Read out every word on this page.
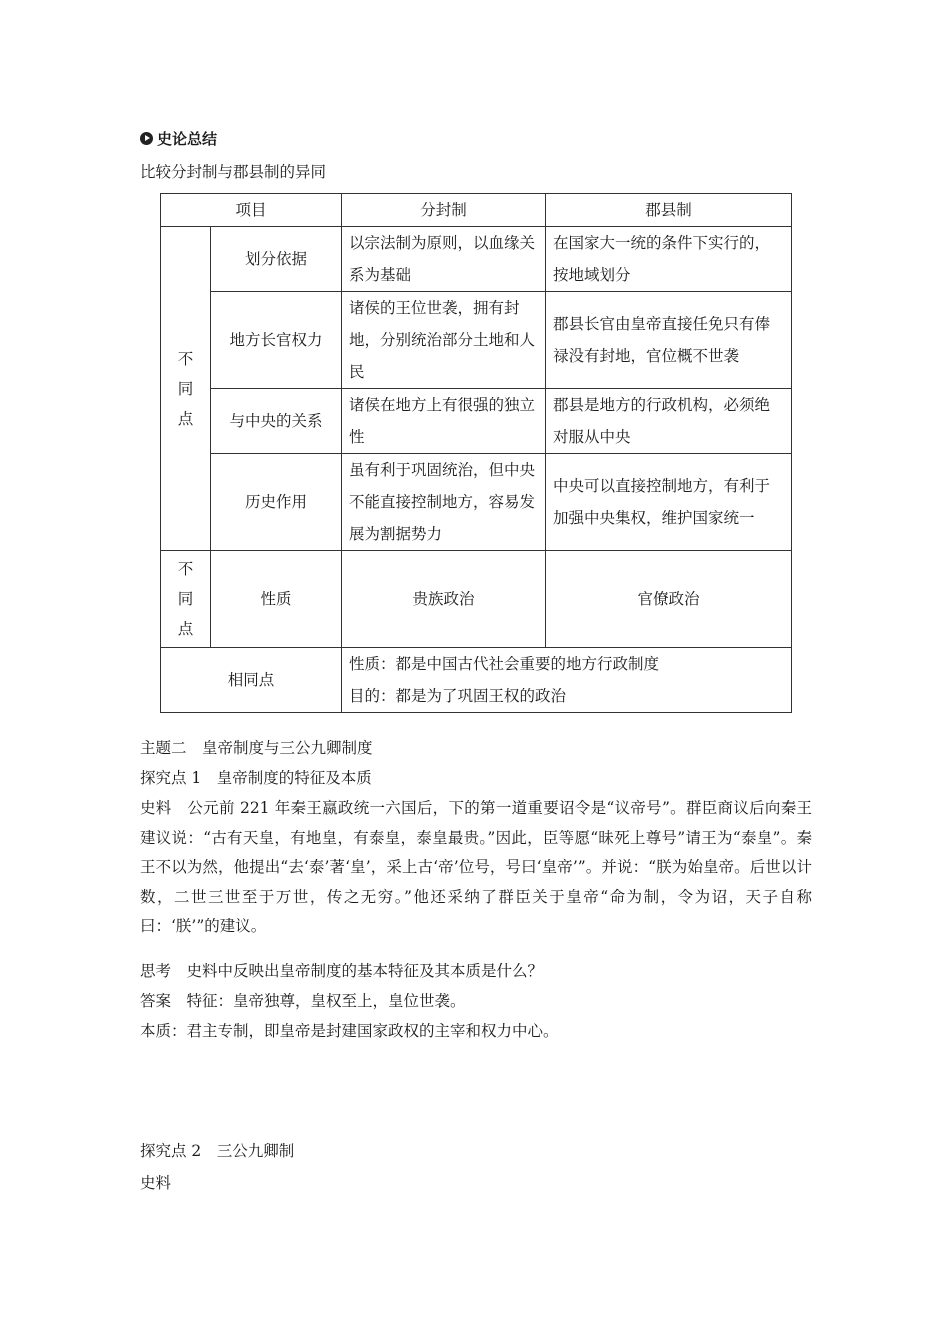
史论总结
比较分封制与郡县制的异同
项目		分封制	郡县制

不
同
点	划分依据	以宗法制为原则，以血缘关系为基础	在国家大一统的条件下实行的，按地域划分
	地方长官权力	诸侯的王位世袭，拥有封地，分别统治部分土地和人民	郡县长官由皇帝直接任免只有俸禄没有封地，官位概不世袭
	与中央的关系	诸侯在地方上有很强的独立性	郡县是地方的行政机构，必须绝对服从中央
	历史作用	虽有利于巩固统治，但中央不能直接控制地方，容易发展为割据势力	中央可以直接控制地方，有利于加强中央集权，维护国家统一

不
同
点	性质	贵族政治	官僚政治
相同点		性质：都是中国古代社会重要的地方行政制度
目的：都是为了巩固王权的政治	
主题二　皇帝制度与三公九卿制度
探究点 1　皇帝制度的特征及本质
史料　公元前 221 年秦王嬴政统一六国后，下的第一道重要诏令是“议帝号”。群臣商议后向秦王建议说：“古有天皇，有地皇，有泰皇，泰皇最贵。”因此，臣等愿“昧死上尊号”请王为“泰皇”。秦王不以为然，他提出“去‘泰’著‘皇’，采上古‘帝’位号，号曰‘皇帝’”。并说：“朕为始皇帝。后世以计数，二世三世至于万世，传之无穷。”他还采纳了群臣关于皇帝“命为制，令为诏，天子自称曰：‘朕’”的建议。
思考　史料中反映出皇帝制度的基本特征及其本质是什么？
答案　特征：皇帝独尊，皇权至上，皇位世袭。
本质：君主专制，即皇帝是封建国家政权的主宰和权力中心。
探究点 2　三公九卿制
史料
